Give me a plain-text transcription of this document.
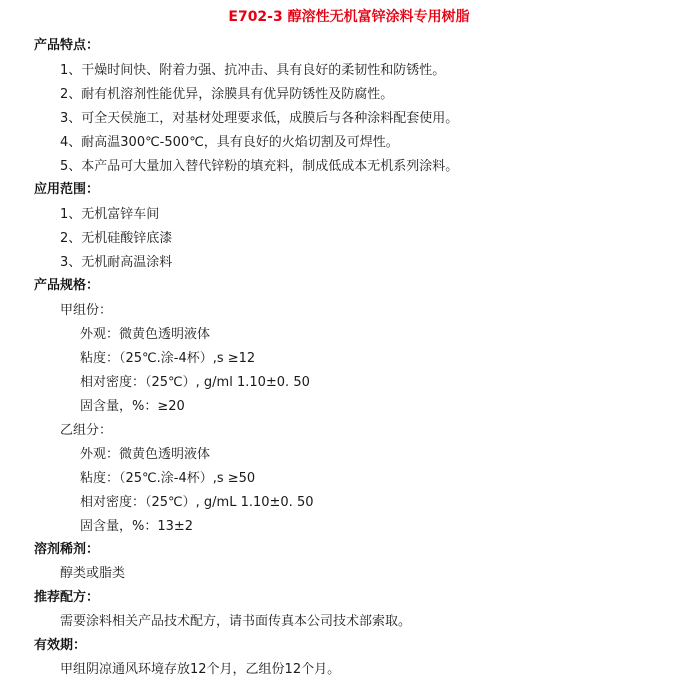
E702-3 醇溶性无机富锌涂料专用树脂
产品特点：
1、干燥时间快、附着力强、抗冲击、具有良好的柔韧性和防锈性。
2、耐有机溶剂性能优异，涂膜具有优异防锈性及防腐性。
3、可全天侯施工，对基材处理要求低，成膜后与各种涂料配套使用。
4、耐高温300℃-500℃，具有良好的火焰切割及可焊性。
5、本产品可大量加入替代锌粉的填充料，制成低成本无机系列涂料。
应用范围：
1、无机富锌车间
2、无机硅酸锌底漆
3、无机耐高温涂料
产品规格：
甲组份：
外观：微黄色透明液体
粘度：（25℃.涂-4杯）,s ≥12
相对密度：（25℃）, g/ml 1.10±0. 50
固含量，%：≥20
乙组分：
外观：微黄色透明液体
粘度：（25℃.涂-4杯）,s ≥50
相对密度：（25℃）, g/mL 1.10±0. 50
固含量，%：13±2
溶剂稀剂：
醇类或脂类
推荐配方：
需要涂料相关产品技术配方，请书面传真本公司技术部索取。
有效期：
甲组阴凉通风环境存放12个月，乙组份12个月。
